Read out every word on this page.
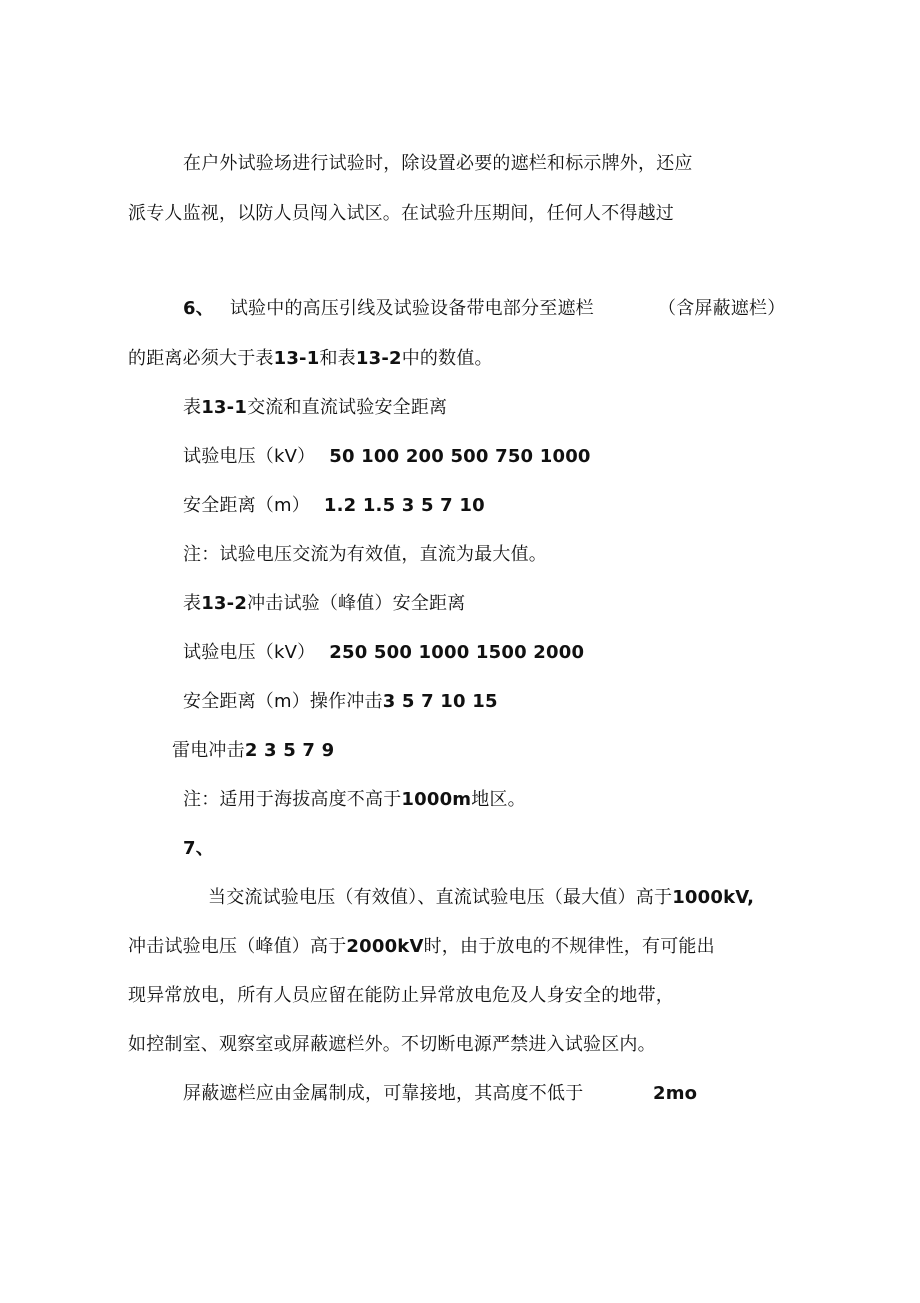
在户外试验场进行试验时，除设置必要的遮栏和标示牌外，还应
派专人监视，以防人员闯入试区。在试验升压期间，任何人不得越过
6、 试验中的高压引线及试验设备带电部分至遮栏	（含屏蔽遮栏）
的距离必须大于表13-1和表13-2中的数值。
表13-1交流和直流试验安全距离
试验电压（kV） 50 100 200 500 750 1000
安全距离（m） 1.2 1.5 3 5 7 10
注：试验电压交流为有效值，直流为最大值。
表13-2冲击试验（峰值）安全距离
试验电压（kV） 250 500 1000 1500 2000
安全距离（m）操作冲击3 5 7 10 15
雷电冲击2 3 5 7 9
注：适用于海拔高度不高于1000m地区。
7、
当交流试验电压（有效值）、直流试验电压（最大值）高于1000kV,
冲击试验电压（峰值）高于2000kV时，由于放电的不规律性，有可能出
现异常放电，所有人员应留在能防止异常放电危及人身安全的地带，
如控制室、观察室或屏蔽遮栏外。不切断电源严禁进入试验区内。
屏蔽遮栏应由金属制成，可靠接地，其高度不低于	2mo
